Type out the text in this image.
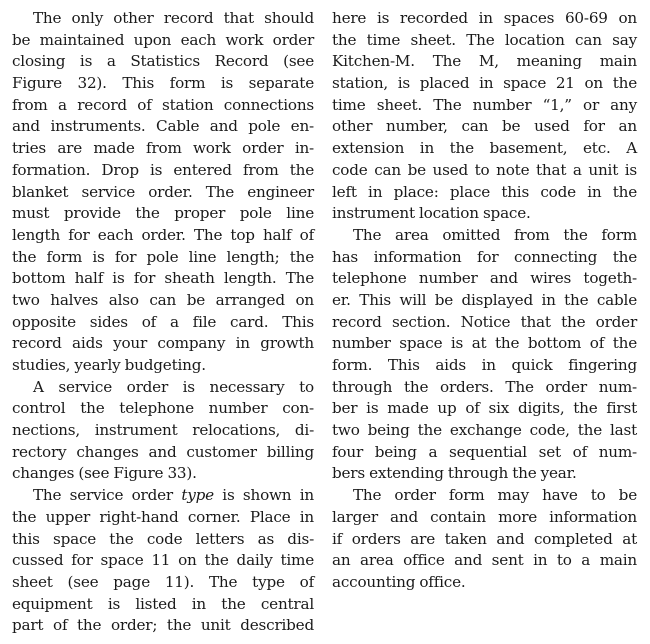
The only other record that should
be maintained upon each work order
closing is a Statistics Record (see
Figure 32). This form is separate
from a record of station connections
and instruments. Cable and pole en-
tries are made from work order in-
formation. Drop is entered from the
blanket service order. The engineer
must provide the proper pole line
length for each order. The top half of
the form is for pole line length; the
bottom half is for sheath length. The
two halves also can be arranged on
opposite sides of a file card. This
record aids your company in growth
studies, yearly budgeting.
A service order is necessary to
control the telephone number con-
nections, instrument relocations, di-
rectory changes and customer billing
changes (see Figure 33).
The service order type is shown in
the upper right-hand corner. Place in
this space the code letters as dis-
cussed for space 11 on the daily time
sheet (see page 11). The type of
equipment is listed in the central
part of the order; the unit described
here is recorded in spaces 60-69 on
the time sheet. The location can say
Kitchen-M. The M, meaning main
station, is placed in space 21 on the
time sheet. The number “1,” or any
other number, can be used for an
extension in the basement, etc. A
code can be used to note that a unit is
left in place: place this code in the
instrument location space.
The area omitted from the form
has information for connecting the
telephone number and wires togeth-
er. This will be displayed in the cable
record section. Notice that the order
number space is at the bottom of the
form. This aids in quick fingering
through the orders. The order num-
ber is made up of six digits, the first
two being the exchange code, the last
four being a sequential set of num-
bers extending through the year.
The order form may have to be
larger and contain more information
if orders are taken and completed at
an area office and sent in to a main
accounting office.
